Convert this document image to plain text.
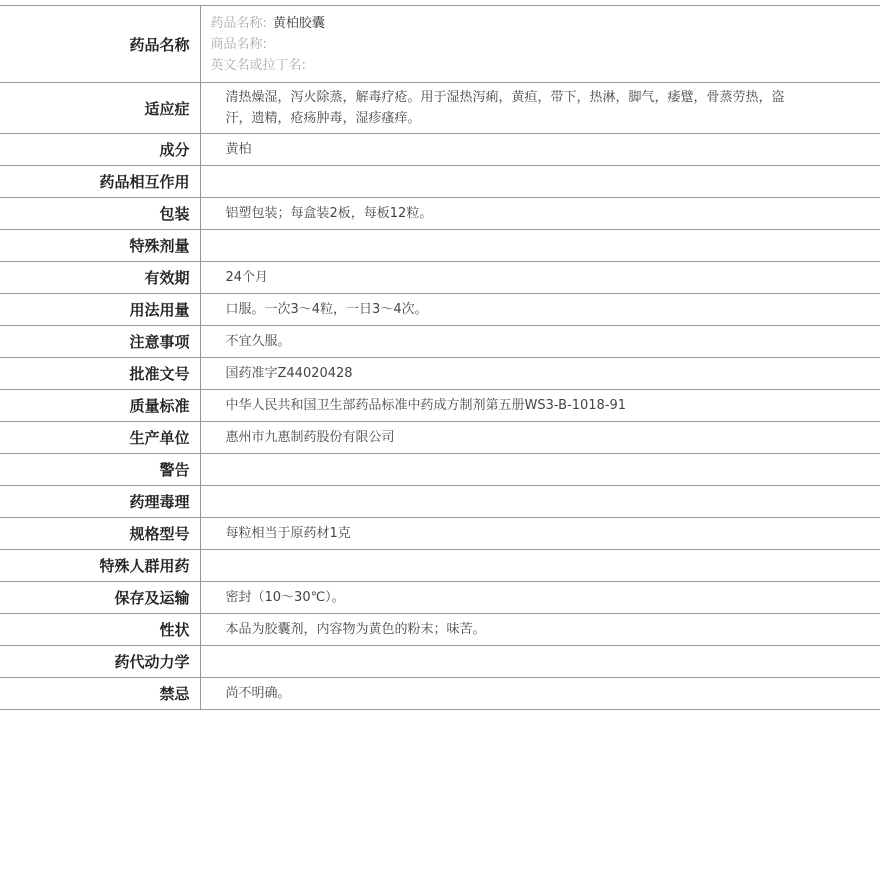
药品名称	药品名称: 黄柏胶囊
商品名称:
英文名或拉丁名:

适应症	清热燥湿，泻火除蒸，解毒疗疮。用于湿热泻痢，黄疸，带下，热淋，脚气，痿躄，骨蒸劳热，盗汗，遗精，疮疡肿毒，湿疹瘙痒。
成分	黄柏
药品相互作用	
包装	铝塑包装；每盒装2板，每板12粒。
特殊剂量	
有效期	24个月
用法用量	口服。一次3～4粒，一日3～4次。
注意事项	不宜久服。
批准文号	国药准字Z44020428
质量标准	中华人民共和国卫生部药品标准中药成方制剂第五册WS3-B-1018-91
生产单位	惠州市九惠制药股份有限公司
警告	
药理毒理	
规格型号	每粒相当于原药材1克
特殊人群用药	
保存及运输	密封（10～30℃）。
性状	本品为胶囊剂，内容物为黄色的粉末；味苦。
药代动力学	
禁忌	尚不明确。
